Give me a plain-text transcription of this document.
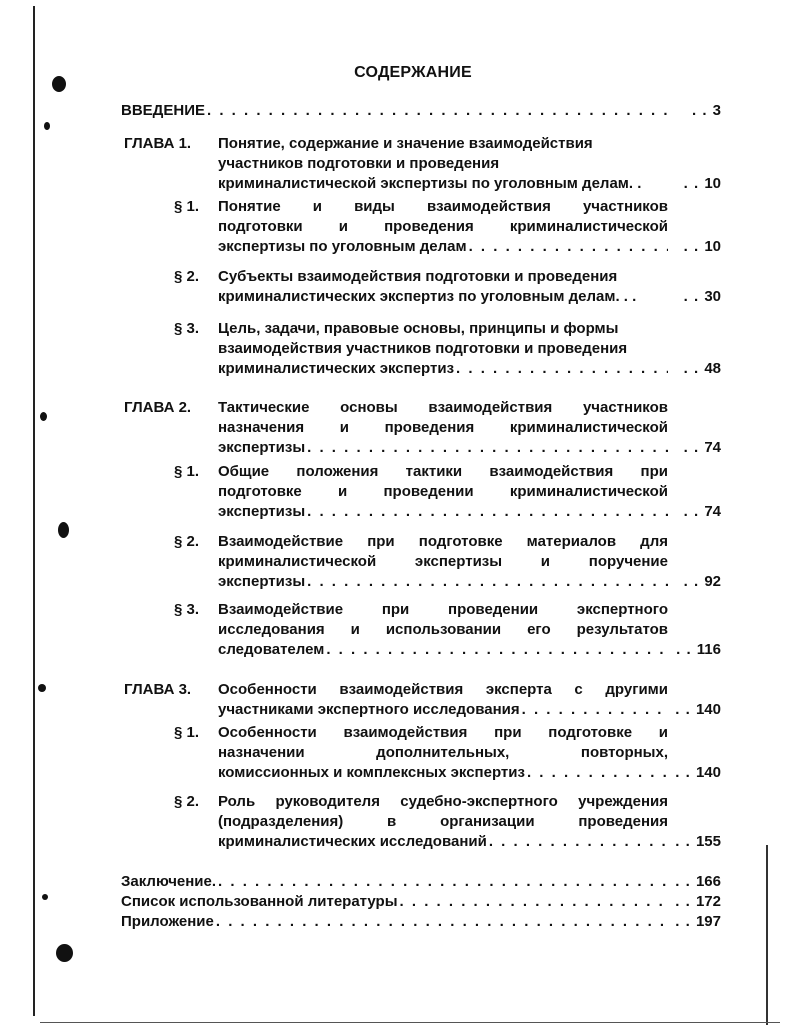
СОДЕРЖАНИЕ
ВВЕДЕНИЕ . . .	. . 3
ГЛАВА 1. Понятие, содержание и значение взаимодействия
участников подготовки и проведения
криминалистической экспертизы по уголовным делам. .	. . 10
§ 1. Понятие и виды взаимодействия участников
подготовки и проведения криминалистической
экспертизы по уголовным делам . . .	. . 10
§ 2. Субъекты взаимодействия подготовки и проведения
криминалистических экспертиз по уголовным делам. . .	. . 30
§ 3. Цель, задачи, правовые основы, принципы и формы
взаимодействия участников подготовки и проведения
криминалистических экспертиз . . .	. . 48
ГЛАВА 2. Тактические основы взаимодействия участников
назначения и проведения криминалистической
экспертизы . . .	. . 74
§ 1. Общие положения тактики взаимодействия при
подготовке и проведении криминалистической
экспертизы . . .	. . 74
§ 2. Взаимодействие при подготовке материалов для
криминалистической экспертизы и поручение
экспертизы . . .	. . 92
§ 3. Взаимодействие при проведении экспертного
исследования и использовании его результатов
следователем . . .	. . 116
ГЛАВА 3. Особенности взаимодействия эксперта с другими
участниками экспертного исследования . . .	. . 140
§ 1. Особенности взаимодействия при подготовке и
назначении дополнительных, повторных,
комиссионных и комплексных экспертиз . . .	. . 140
§ 2. Роль руководителя судебно-экспертного учреждения
(подразделения) в организации проведения
криминалистических исследований . . .	. . 155
Заключение. . . .	. . 166
Список использованной литературы . . .	. . 172
Приложение . . .	. . 197
